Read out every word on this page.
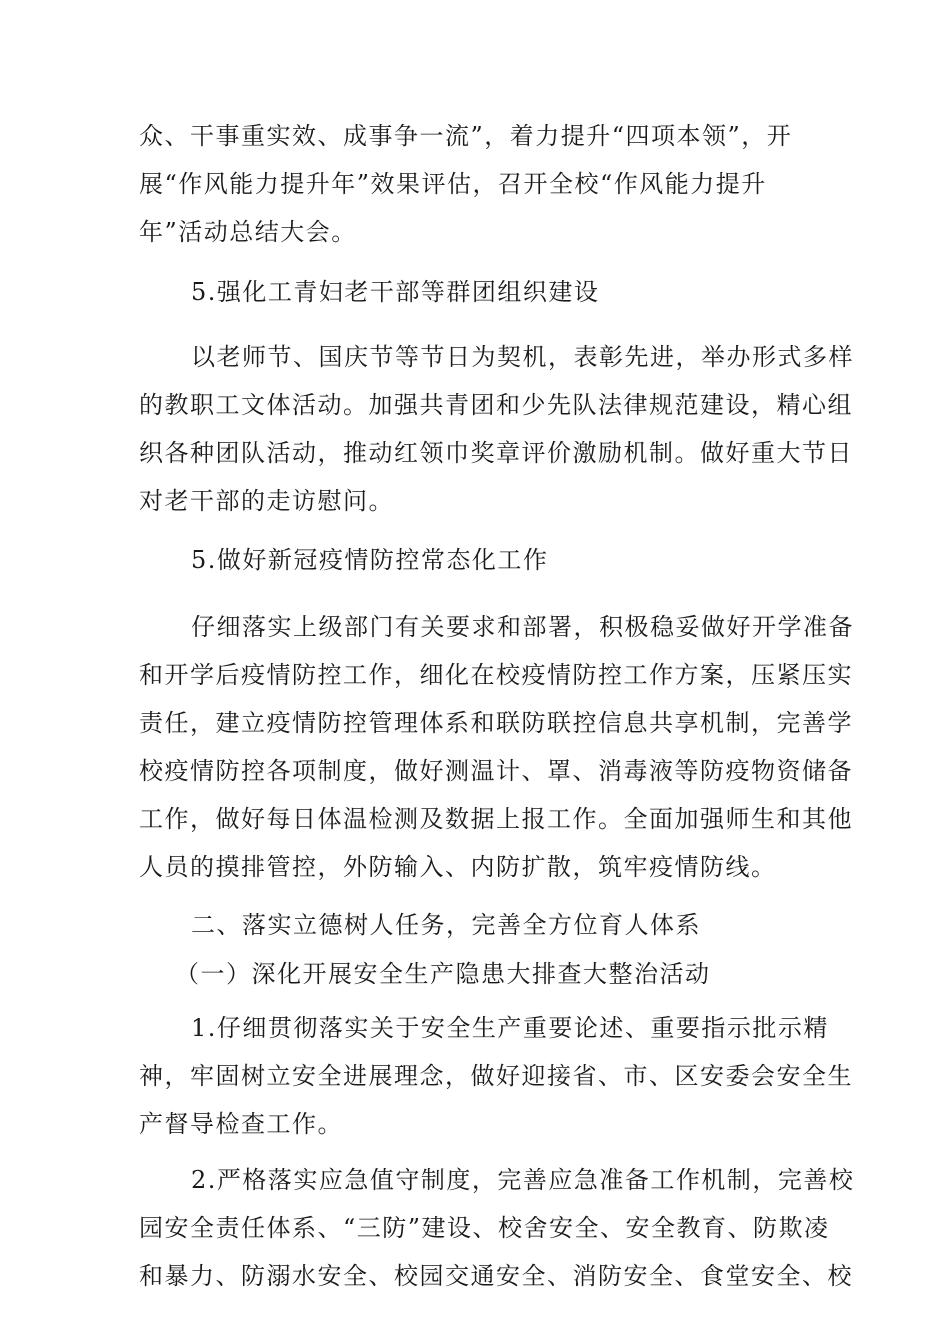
众、干事重实效、成事争一流”，着力提升“四项本领”，开
展“作风能力提升年”效果评估，召开全校“作风能力提升
年”活动总结大会。
5.强化工青妇老干部等群团组织建设
以老师节、国庆节等节日为契机，表彰先进，举办形式多样
的教职工文体活动。加强共青团和少先队法律规范建设，精心组
织各种团队活动，推动红领巾奖章评价激励机制。做好重大节日
对老干部的走访慰问。
5.做好新冠疫情防控常态化工作
仔细落实上级部门有关要求和部署，积极稳妥做好开学准备
和开学后疫情防控工作，细化在校疫情防控工作方案，压紧压实
责任，建立疫情防控管理体系和联防联控信息共享机制，完善学
校疫情防控各项制度，做好测温计、罩、消毒液等防疫物资储备
工作，做好每日体温检测及数据上报工作。全面加强师生和其他
人员的摸排管控，外防输入、内防扩散，筑牢疫情防线。
二、落实立德树人任务，完善全方位育人体系
（一）深化开展安全生产隐患大排查大整治活动
1.仔细贯彻落实关于安全生产重要论述、重要指示批示精
神，牢固树立安全进展理念，做好迎接省、市、区安委会安全生
产督导检查工作。
2.严格落实应急值守制度，完善应急准备工作机制，完善校
园安全责任体系、“三防”建设、校舍安全、安全教育、防欺凌
和暴力、防溺水安全、校园交通安全、消防安全、食堂安全、校
